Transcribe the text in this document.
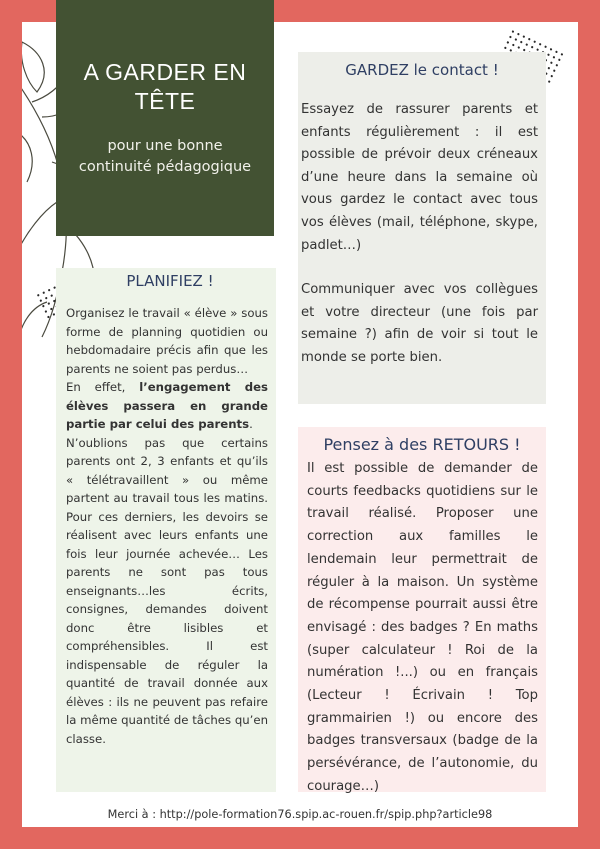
A GARDER EN TÊTE
pour une bonne continuité pédagogique
GARDEZ le contact !

Essayez de rassurer parents et enfants régulièrement : il est possible de prévoir deux créneaux d’une heure dans la semaine où vous gardez le contact avec tous vos élèves (mail, téléphone, skype, padlet…)

Communiquer avec vos collègues et votre directeur (une fois par semaine ?) afin de voir si tout le monde se porte bien.

PLANIFIEZ !

Organisez le travail « élève » sous forme de planning quotidien ou hebdomadaire précis afin que les parents ne soient pas perdus…

En effet, l’engagement des élèves passera en grande partie par celui des parents.

N’oublions pas que certains parents ont 2, 3 enfants et qu’ils « télétravaillent » ou même partent au travail tous les matins. Pour ces derniers, les devoirs se réalisent avec leurs enfants une fois leur journée achevée… Les parents ne sont pas tous enseignants…les écrits, consignes, demandes doivent donc être lisibles et compréhensibles. Il est indispensable de réguler la quantité de travail donnée aux élèves : ils ne peuvent pas refaire la même quantité de tâches qu’en classe.

Pensez à des RETOURS !
Il est possible de demander de courts feedbacks quotidiens sur le travail réalisé. Proposer une correction aux familles le lendemain leur permettrait de réguler à la maison. Un système de récompense pourrait aussi être envisagé : des badges ? En maths (super calculateur ! Roi de la numération !...) ou en français (Lecteur ! Écrivain ! Top grammairien !) ou encore des badges transversaux (badge de la persévérance, de l’autonomie, du courage…)
Merci à : http://pole-formation76.spip.ac-rouen.fr/spip.php?article98
